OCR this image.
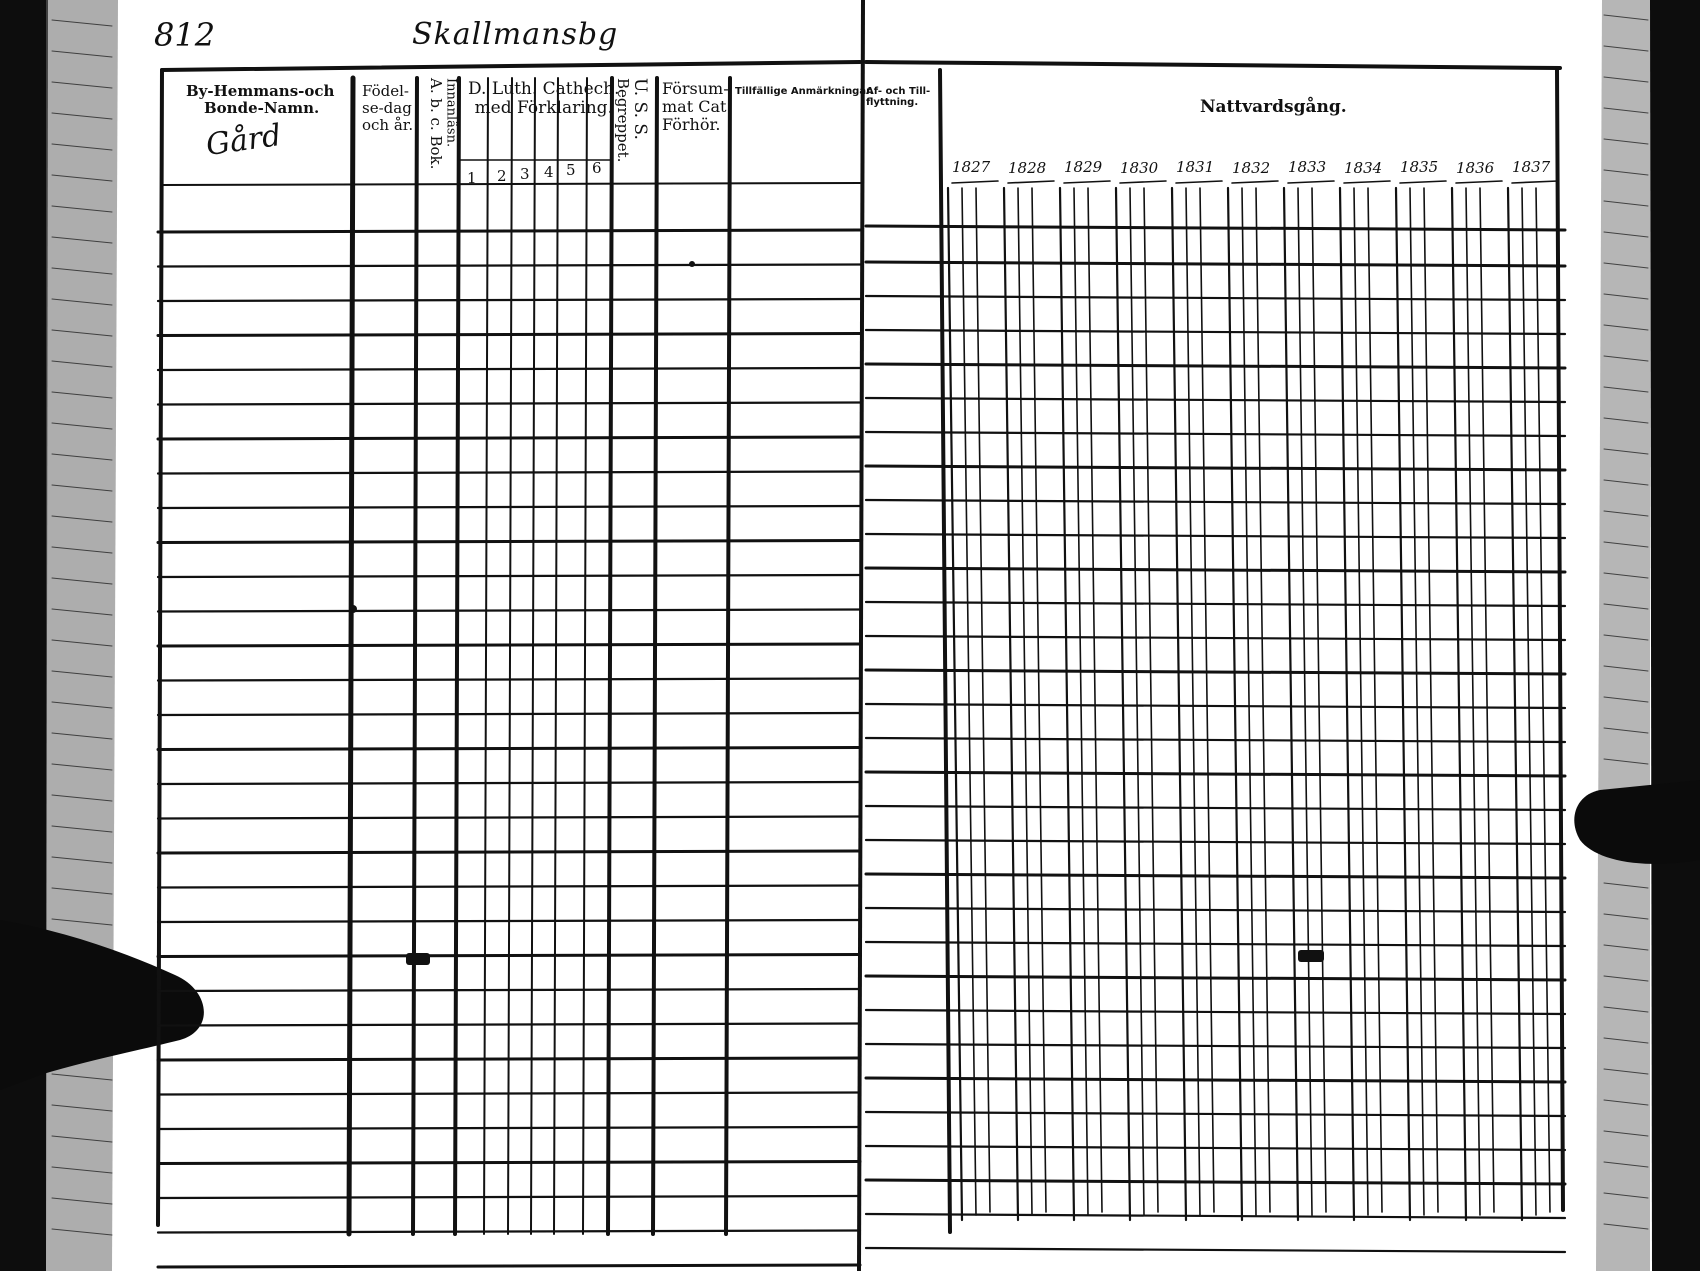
812	Skallmansbg
By-Hemmans-och
Bonde-Namn.
Gård
Födel-
se-dag
och år. A. b. c. Bok.
Innanläsn. D. Luth. Cathech.
med Förklaring.
1 2 3 4 5 6
U. S. S.
Begreppet. Försum-
mat Cat.
Förhör.
Tillfällige Anmärkningar.
Af- och Till-
flyttning.	Nattvardsgång.
1827 1828 1829 1830 1831 1832 1833 1834 1835 1836 1837
